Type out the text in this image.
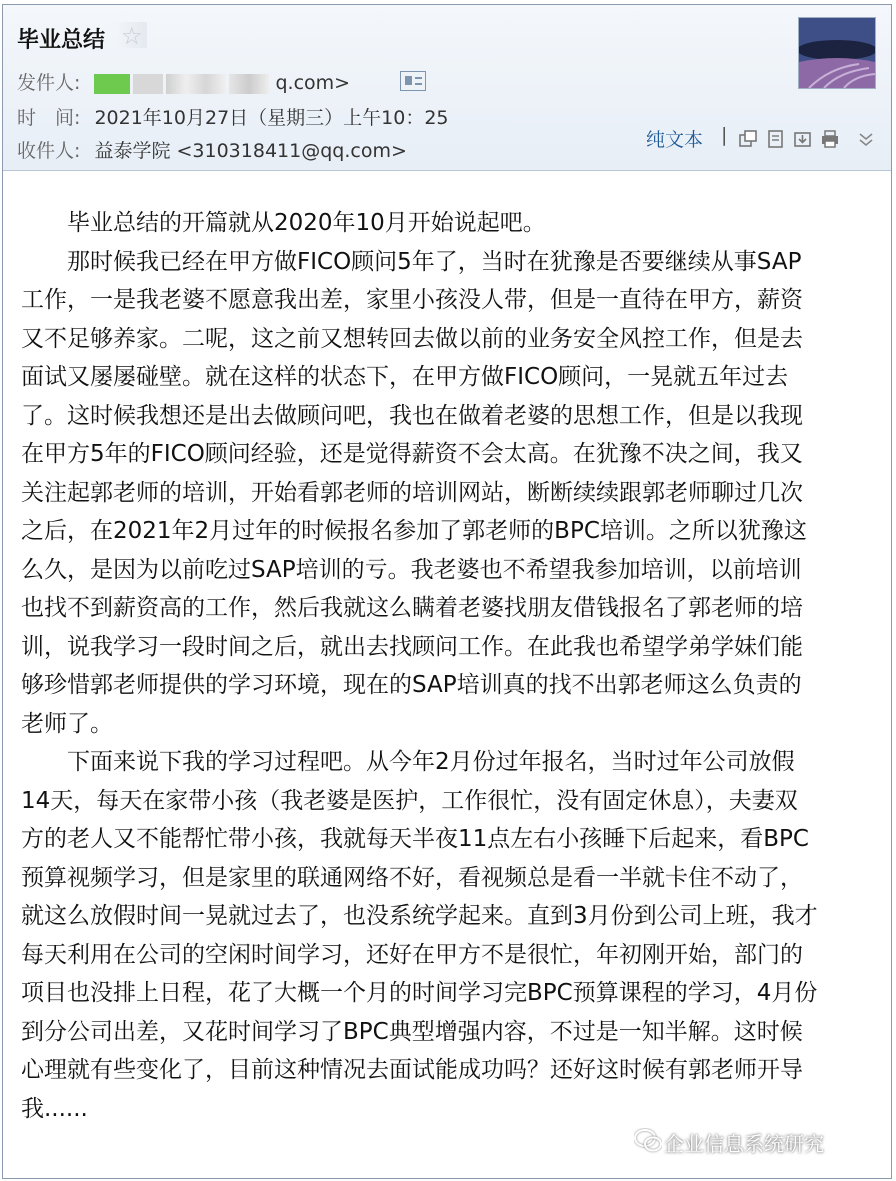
毕业总结 ☆
发件人:	q.com>
时　间: 2021年10月27日（星期三）上午10：25
收件人: 益泰学院 <310318411@qq.com>	纯文本 |
　　毕业总结的开篇就从2020年10月开始说起吧。
　　那时候我已经在甲方做FICO顾问5年了，当时在犹豫是否要继续从事SAP
工作，一是我老婆不愿意我出差，家里小孩没人带，但是一直待在甲方，薪资
又不足够养家。二呢，这之前又想转回去做以前的业务安全风控工作，但是去
面试又屡屡碰壁。就在这样的状态下，在甲方做FICO顾问，一晃就五年过去
了。这时候我想还是出去做顾问吧，我也在做着老婆的思想工作，但是以我现
在甲方5年的FICO顾问经验，还是觉得薪资不会太高。在犹豫不决之间，我又
关注起郭老师的培训，开始看郭老师的培训网站，断断续续跟郭老师聊过几次
之后，在2021年2月过年的时候报名参加了郭老师的BPC培训。之所以犹豫这
么久，是因为以前吃过SAP培训的亏。我老婆也不希望我参加培训，以前培训
也找不到薪资高的工作，然后我就这么瞒着老婆找朋友借钱报名了郭老师的培
训，说我学习一段时间之后，就出去找顾问工作。在此我也希望学弟学妹们能
够珍惜郭老师提供的学习环境，现在的SAP培训真的找不出郭老师这么负责的
老师了。
　　下面来说下我的学习过程吧。从今年2月份过年报名，当时过年公司放假
14天，每天在家带小孩（我老婆是医护，工作很忙，没有固定休息），夫妻双
方的老人又不能帮忙带小孩，我就每天半夜11点左右小孩睡下后起来，看BPC
预算视频学习，但是家里的联通网络不好，看视频总是看一半就卡住不动了，
就这么放假时间一晃就过去了，也没系统学起来。直到3月份到公司上班，我才
每天利用在公司的空闲时间学习，还好在甲方不是很忙，年初刚开始，部门的
项目也没排上日程，花了大概一个月的时间学习完BPC预算课程的学习，4月份
到分公司出差，又花时间学习了BPC典型增强内容，不过是一知半解。这时候
心理就有些变化了，目前这种情况去面试能成功吗？还好这时候有郭老师开导
我......
企业信息系统研究
